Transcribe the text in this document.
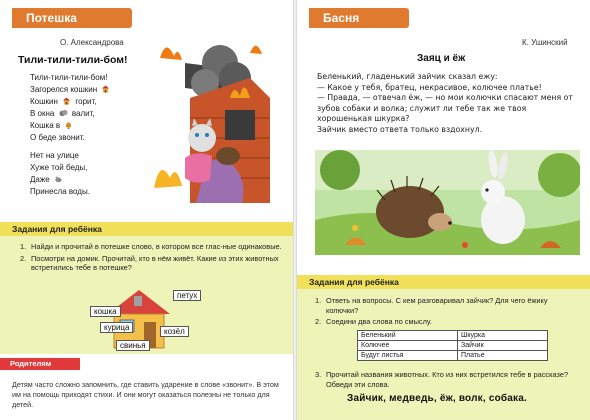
Потешка
О. Александрова
Тили-тили-тили-бом!
Тили-тили-тили-бом!
Загорелся кошкин
Кошкин горит,
В окна валит,
Кошка в
О беде звонит.
Нет на улице
Хуже той беды,
Даже
Принесла воды.
Задания для ребёнка
1. Найди и прочитай в потешке слово, в котором все глас-ные одинаковые.
2. Посмотри на домик. Прочитай, кто в нём живёт. Какие из этих животных встретились тебе в потешке?
петух
кошка
курица	козёл
свинья
Родителям
Детям часто сложно запомнить, где ставить ударение в слове «звонит». В этом им на помощь приходят стихи. И они могут оказаться полезны не только для детей.
Басня
К. Ушинский
Заяц и ёж
Беленький, гладенький зайчик сказал ежу:
— Какое у тебя, братец, некрасивое, колючее платье!
— Правда, — отвечал ёж, — но мои колючки спасают меня от зубов собаки и волка; служит ли тебе так же твоя хорошенькая шкурка?
Зайчик вместо ответа только вздохнул.
Задания для ребёнка
1. Ответь на вопросы. С кем разговаривал зайчик? Для чего ёжику колючки?
2. Соедини два слова по смыслу.
Беленький	Шкурка
Колючее	Зайчик
Будут листья	Платье
3. Прочитай названия животных. Кто из них встретился тебе в рассказе? Обведи эти слова.
Зайчик, медведь, ёж, волк, собака.
